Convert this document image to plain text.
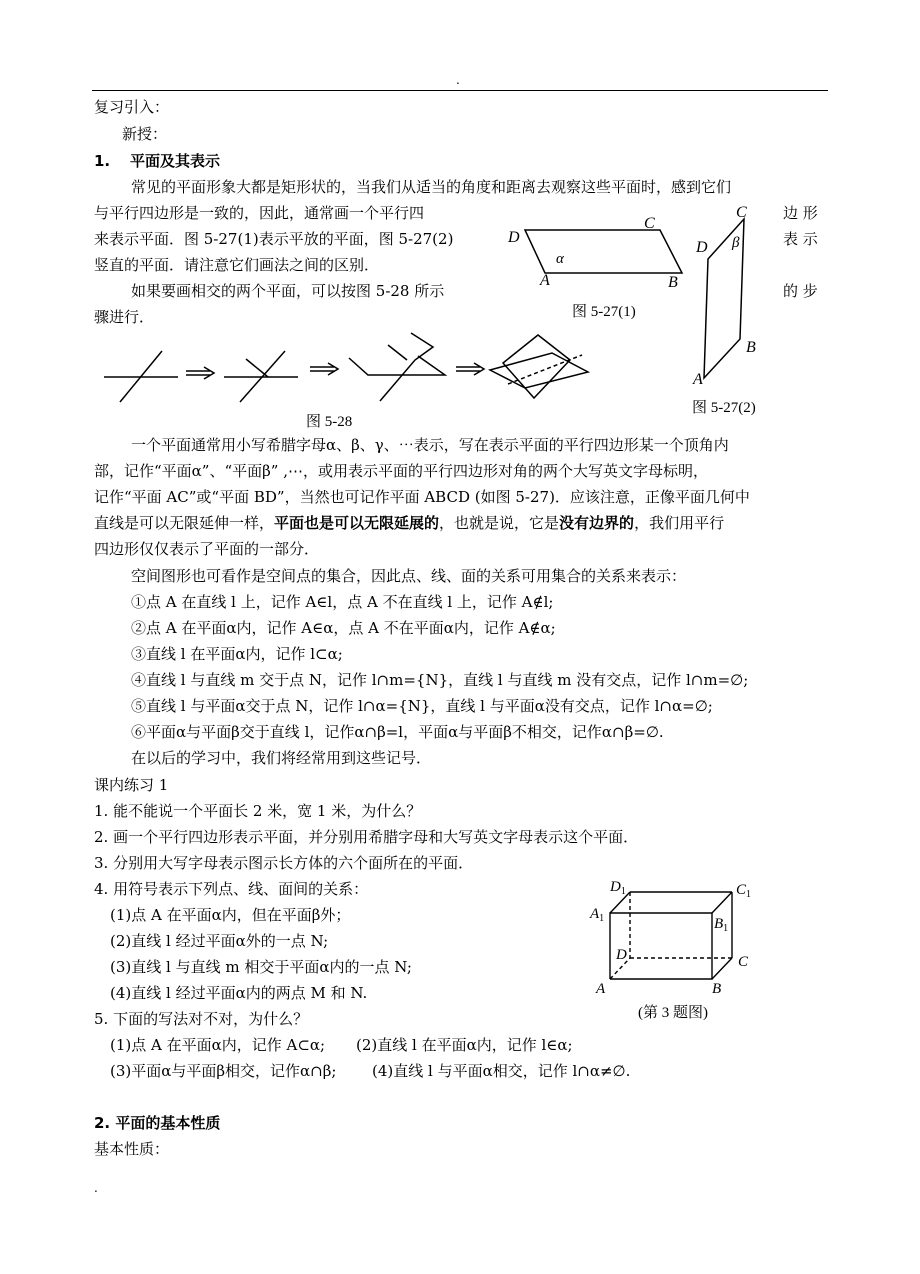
.
复习引入：
新授：
1. 平面及其表示
常见的平面形象大都是矩形状的，当我们从适当的角度和距离去观察这些平面时，感到它们
与平行四边形是一致的，因此，通常画一个平行四	边 形
来表示平面．图 5-27(1)表示平放的平面，图 5-27(2)	表 示
竖直的平面．请注意它们画法之间的区别．
如果要画相交的两个平面，可以按图 5-28 所示	的 步
骤进行．
D
C
A	B
α
图 5-27(1)
C
D β
B
A
图 5-27(2)
图 5-28
一个平面通常用小写希腊字母α、β、γ、⋯表示，写在表示平面的平行四边形某一个顶角内
部，记作“平面α”、“平面β” ,⋯，或用表示平面的平行四边形对角的两个大写英文字母标明，
记作“平面 AC”或“平面 BD”，当然也可记作平面 ABCD (如图 5-27)．应该注意，正像平面几何中
直线是可以无限延伸一样，平面也是可以无限延展的，也就是说，它是没有边界的，我们用平行
四边形仅仅表示了平面的一部分．
空间图形也可看作是空间点的集合，因此点、线、面的关系可用集合的关系来表示：
①点 A 在直线 l 上，记作 A∈l，点 A 不在直线 l 上，记作 A∉l;
②点 A 在平面α内，记作 A∈α，点 A 不在平面α内，记作 A∉α;
③直线 l 在平面α内，记作 l⊂α;
④直线 l 与直线 m 交于点 N，记作 l∩m={N}，直线 l 与直线 m 没有交点，记作 l∩m=∅;
⑤直线 l 与平面α交于点 N，记作 l∩α={N}，直线 l 与平面α没有交点，记作 l∩α=∅;
⑥平面α与平面β交于直线 l，记作α∩β=l，平面α与平面β不相交，记作α∩β=∅.
在以后的学习中，我们将经常用到这些记号．
课内练习 1
1. 能不能说一个平面长 2 米，宽 1 米，为什么？
2. 画一个平行四边形表示平面，并分别用希腊字母和大写英文字母表示这个平面．
3. 分别用大写字母表示图示长方体的六个面所在的平面．
4. 用符号表示下列点、线、面间的关系：
(1)点 A 在平面α内，但在平面β外；
(2)直线 l 经过平面α外的一点 N;
(3)直线 l 与直线 m 相交于平面α内的一点 N;
(4)直线 l 经过平面α内的两点 M 和 N.
5. 下面的写法对不对，为什么？
(1)点 A 在平面α内，记作 A⊂α; (2)直线 l 在平面α内，记作 l∈α;
(3)平面α与平面β相交，记作α∩β; (4)直线 l 与平面α相交，记作 l∩α≠∅.
$D_1$	$C_1$
$A_1$	$B_1$
D	C
A	B
(第 3 题图)
2. 平面的基本性质
基本性质：
.
